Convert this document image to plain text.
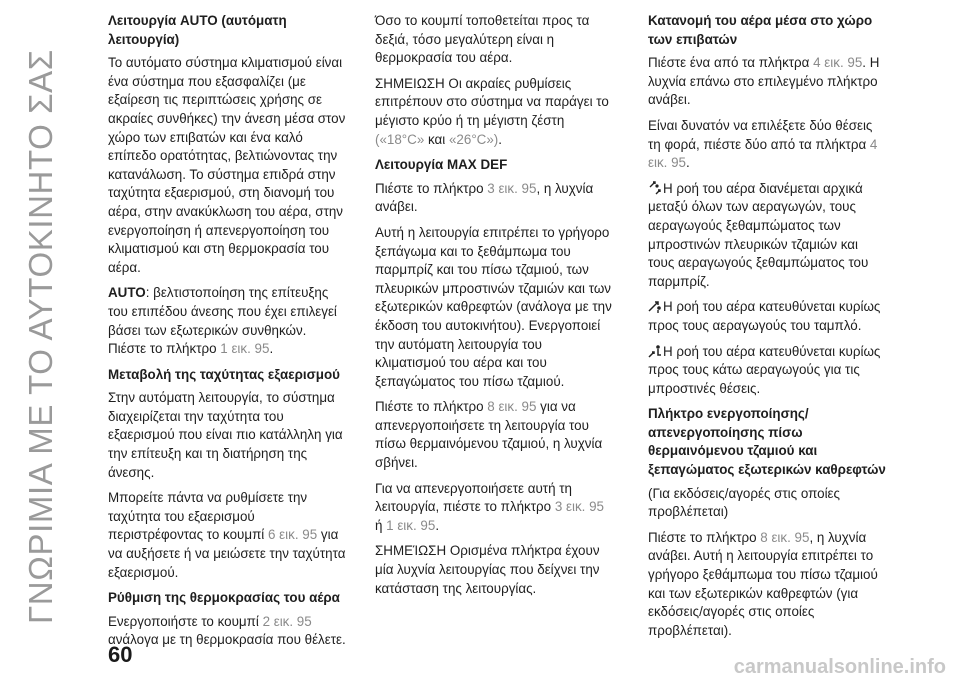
ΓΝΩΡΙΜΙΑ ΜΕ ΤΟ ΑΥΤΟΚΙΝΗΤΟ ΣΑΣ
Λειτουργία AUTO (αυτόματη λειτουργία)

Το αυτόματο σύστημα κλιματισμού είναι ένα σύστημα που εξασφαλίζει (με εξαίρεση τις περιπτώσεις χρήσης σε ακραίες συνθήκες) την άνεση μέσα στον χώρο των επιβατών και ένα καλό επίπεδο ορατότητας, βελτιώνοντας την κατανάλωση. Το σύστημα επιδρά στην ταχύτητα εξαερισμού, στη διανομή του αέρα, στην ανακύκλωση του αέρα, στην ενεργοποίηση ή απενεργοποίηση του κλιματισμού και στη θερμοκρασία του αέρα.

AUTO: βελτιστοποίηση της επίτευξης του επιπέδου άνεσης που έχει επιλεγεί βάσει των εξωτερικών συνθηκών. Πιέστε το πλήκτρο 1 εικ. 95.

Μεταβολή της ταχύτητας εξαερισμού

Στην αυτόματη λειτουργία, το σύστημα διαχειρίζεται την ταχύτητα του εξαερισμού που είναι πιο κατάλληλη για την επίτευξη και τη διατήρηση της άνεσης.

Μπορείτε πάντα να ρυθμίσετε την ταχύτητα του εξαερισμού περιστρέφοντας το κουμπί 6 εικ. 95 για να αυξήσετε ή να μειώσετε την ταχύτητα εξαερισμού.

Ρύθμιση της θερμοκρασίας του αέρα

Ενεργοποιήστε το κουμπί 2 εικ. 95 ανάλογα με τη θερμοκρασία που θέλετε.

Όσο το κουμπί τοποθετείται προς τα δεξιά, τόσο μεγαλύτερη είναι η θερμοκρασία του αέρα.

ΣΗΜΕΙΩΣΗ Οι ακραίες ρυθμίσεις επιτρέπουν στο σύστημα να παράγει το μέγιστο κρύο ή τη μέγιστη ζέστη («18°C» και «26°C»).

Λειτουργία MAX DEF

Πιέστε το πλήκτρο 3 εικ. 95, η λυχνία ανάβει.

Αυτή η λειτουργία επιτρέπει το γρήγορο ξεπάγωμα και το ξεθάμπωμα του παρμπρίζ και του πίσω τζαμιού, των πλευρικών μπροστινών τζαμιών και των εξωτερικών καθρεφτών (ανάλογα με την έκδοση του αυτοκινήτου). Ενεργοποιεί την αυτόματη λειτουργία του κλιματισμού του αέρα και του ξεπαγώματος του πίσω τζαμιού.

Πιέστε το πλήκτρο 8 εικ. 95 για να απενεργοποιήσετε τη λειτουργία του πίσω θερμαινόμενου τζαμιού, η λυχνία σβήνει.

Για να απενεργοποιήσετε αυτή τη λειτουργία, πιέστε το πλήκτρο 3 εικ. 95 ή 1 εικ. 95.

ΣΗΜΕΊΩΣΗ Ορισμένα πλήκτρα έχουν μία λυχνία λειτουργίας που δείχνει την κατάσταση της λειτουργίας.

Κατανομή του αέρα μέσα στο χώρο των επιβατών

Πιέστε ένα από τα πλήκτρα 4 εικ. 95. Η λυχνία επάνω στο επιλεγμένο πλήκτρο ανάβει.

Είναι δυνατόν να επιλέξετε δύο θέσεις τη φορά, πιέστε δύο από τα πλήκτρα 4 εικ. 95.

Η ροή του αέρα διανέμεται αρχικά μεταξύ όλων των αεραγωγών, τους αεραγωγούς ξεθαμπώματος των μπροστινών πλευρικών τζαμιών και τους αεραγωγούς ξεθαμπώματος του παρμπρίζ.

Η ροή του αέρα κατευθύνεται κυρίως προς τους αεραγωγούς του ταμπλό.

Η ροή του αέρα κατευθύνεται κυρίως προς τους κάτω αεραγωγούς για τις μπροστινές θέσεις.

Πλήκτρο ενεργοποίησης/ απενεργοποίησης πίσω θερμαινόμενου τζαμιού και ξεπαγώματος εξωτερικών καθρεφτών

(Για εκδόσεις/αγορές στις οποίες προβλέπεται)

Πιέστε το πλήκτρο 8 εικ. 95, η λυχνία ανάβει. Αυτή η λειτουργία επιτρέπει το γρήγορο ξεθάμπωμα του πίσω τζαμιού και των εξωτερικών καθρεφτών (για εκδόσεις/αγορές στις οποίες προβλέπεται).

60	carmanualsonline.info
